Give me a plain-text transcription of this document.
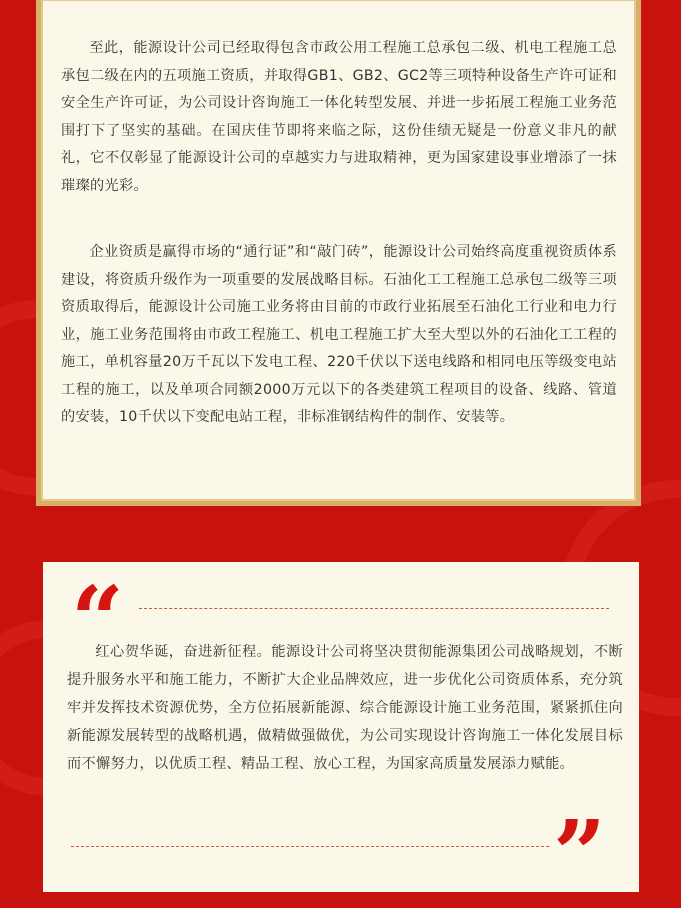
至此，能源设计公司已经取得包含市政公用工程施工总承包二级、机电工程施工总承包二级在内的五项施工资质，并取得GB1、GB2、GC2等三项特种设备生产许可证和安全生产许可证，为公司设计咨询施工一体化转型发展、并进一步拓展工程施工业务范围打下了坚实的基础。在国庆佳节即将来临之际，这份佳绩无疑是一份意义非凡的献礼，它不仅彰显了能源设计公司的卓越实力与进取精神，更为国家建设事业增添了一抹璀璨的光彩。

企业资质是赢得市场的“通行证”和“敲门砖”，能源设计公司始终高度重视资质体系建设，将资质升级作为一项重要的发展战略目标。石油化工工程施工总承包二级等三项资质取得后，能源设计公司施工业务将由目前的市政行业拓展至石油化工行业和电力行业，施工业务范围将由市政工程施工、机电工程施工扩大至大型以外的石油化工工程的施工，单机容量20万千瓦以下发电工程、220千伏以下送电线路和相同电压等级变电站工程的施工，以及单项合同额2000万元以下的各类建筑工程项目的设备、线路、管道的安装，10千伏以下变配电站工程，非标准钢结构件的制作、安装等。

“

红心贺华诞，奋进新征程。能源设计公司将坚决贯彻能源集团公司战略规划，不断提升服务水平和施工能力，不断扩大企业品牌效应，进一步优化公司资质体系，充分筑牢并发挥技术资源优势，全方位拓展新能源、综合能源设计施工业务范围，紧紧抓住向新能源发展转型的战略机遇，做精做强做优，为公司实现设计咨询施工一体化发展目标而不懈努力，以优质工程、精品工程、放心工程，为国家高质量发展添力赋能。

”
